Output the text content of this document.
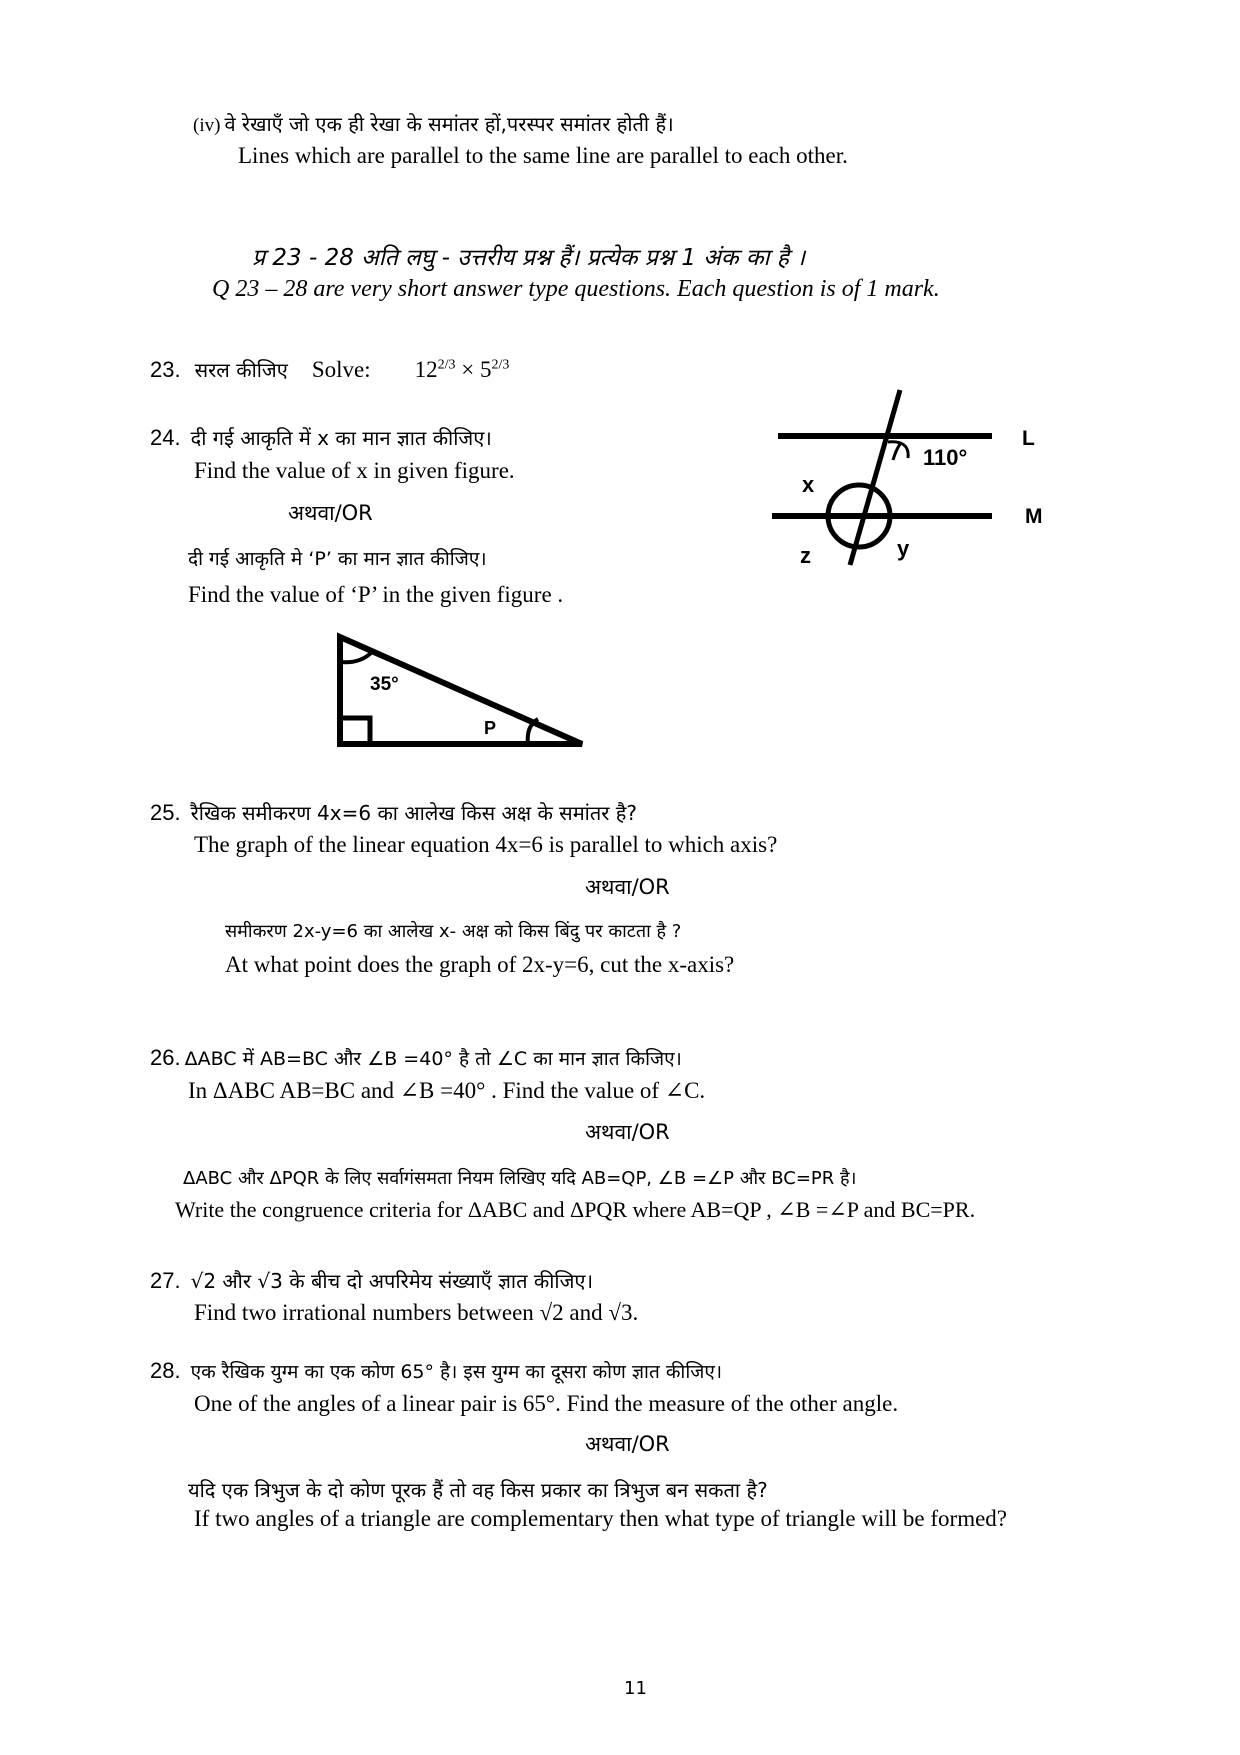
(iv) वे रेखाएँ जो एक ही रेखा के समांतर हों,परस्पर समांतर होती हैं।
Lines which are parallel to the same line are parallel to each other.
प्र 23 - 28 अति लघु - उत्तरीय प्रश्न हैं। प्रत्येक प्रश्न 1 अंक का है ।
Q 23 – 28 are very short answer type questions. Each question is of 1 mark.
23. सरल कीजिए Solve: $12^{2/3} \times 5^{2/3}$
24. दी गई आकृति में x का मान ज्ञात कीजिए।
Find the value of x in given figure.
अथवा/OR
दी गई आकृति मे ‘P’ का मान ज्ञात कीजिए।
Find the value of ‘P’ in the given figure .
110°
L
M
x
y
z
35°
P
25. रैखिक समीकरण 4x=6 का आलेख किस अक्ष के समांतर है?
The graph of the linear equation 4x=6 is parallel to which axis?
अथवा/OR
समीकरण 2x-y=6 का आलेख x- अक्ष को किस बिंदु पर काटता है ?
At what point does the graph of 2x-y=6, cut the x-axis?
26. ΔABC में AB=BC और ∠B =40° है तो ∠C का मान ज्ञात किजिए।
In ΔABC AB=BC and ∠B =40° . Find the value of ∠C.
अथवा/OR
ΔABC और ΔPQR के लिए सर्वागंसमता नियम लिखिए यदि AB=QP, ∠B =∠P और BC=PR है।
Write the congruence criteria for ΔABC and ΔPQR where AB=QP , ∠B =∠P and BC=PR.
27. √2 और √3 के बीच दो अपरिमेय संख्याएँ ज्ञात कीजिए।
Find two irrational numbers between √2 and √3.
28. एक रैखिक युग्म का एक कोण 65° है। इस युग्म का दूसरा कोण ज्ञात कीजिए।
One of the angles of a linear pair is 65°. Find the measure of the other angle.
अथवा/OR
यदि एक त्रिभुज के दो कोण पूरक हैं तो वह किस प्रकार का त्रिभुज बन सकता है?
If two angles of a triangle are complementary then what type of triangle will be formed?
11
